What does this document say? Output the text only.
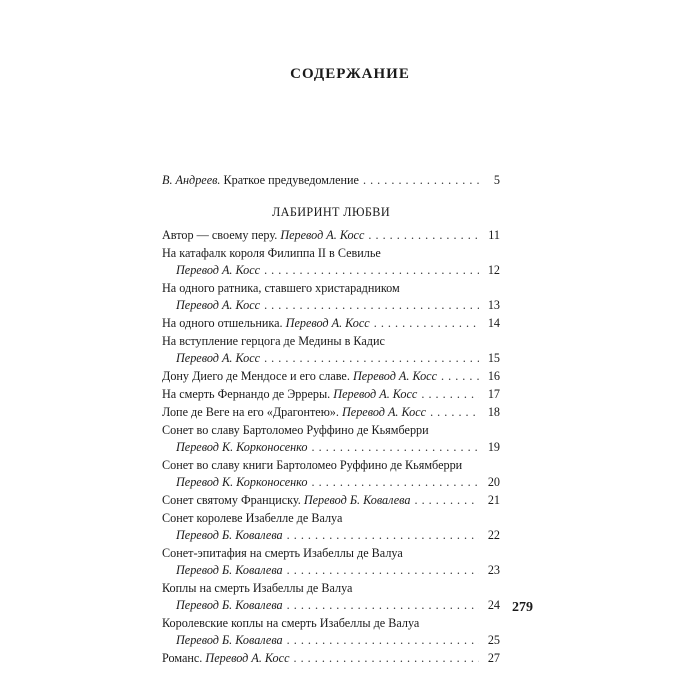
СОДЕРЖАНИЕ
В. Андреев.
Краткое предуведомление . . .	5
ЛАБИРИНТ ЛЮБВИ
Автор — своему перу.
Перевод А. Косс . . .	11
На катафалк короля Филиппа II в Севилье
Перевод А. Косс . . .	12
На одного ратника, ставшего христарадником
Перевод А. Косс . . .	13
На одного отшельника.
Перевод А. Косс . . .	14
На вступление герцога де Медины в Кадис
Перевод А. Косс . . .	15
Дону Диего де Мендосе и его славе.
Перевод А. Косс . . .	16
На смерть Фернандо де Эрреры.
Перевод А. Косс . . .	17
Лопе де Веге на его «Драгонтею».
Перевод А. Косс . . .	18
Сонет во славу Бартоломео Руффино де Кьямберри
Перевод К. Корконосенко . . .	19
Сонет во славу книги Бартоломео Руффино де Кьямберри
Перевод К. Корконосенко . . .	20
Сонет святому Франциску.
Перевод Б. Ковалева . . .	21
Сонет королеве Изабелле де Валуа
Перевод Б. Ковалева . . .	22
Сонет-эпитафия на смерть Изабеллы де Валуа
Перевод Б. Ковалева . . .	23
Коплы на смерть Изабеллы де Валуа
Перевод Б. Ковалева . . .	24
Королевские коплы на смерть Изабеллы де Валуа
Перевод Б. Ковалева . . .	25
Романс.
Перевод А. Косс . . .	27
279
